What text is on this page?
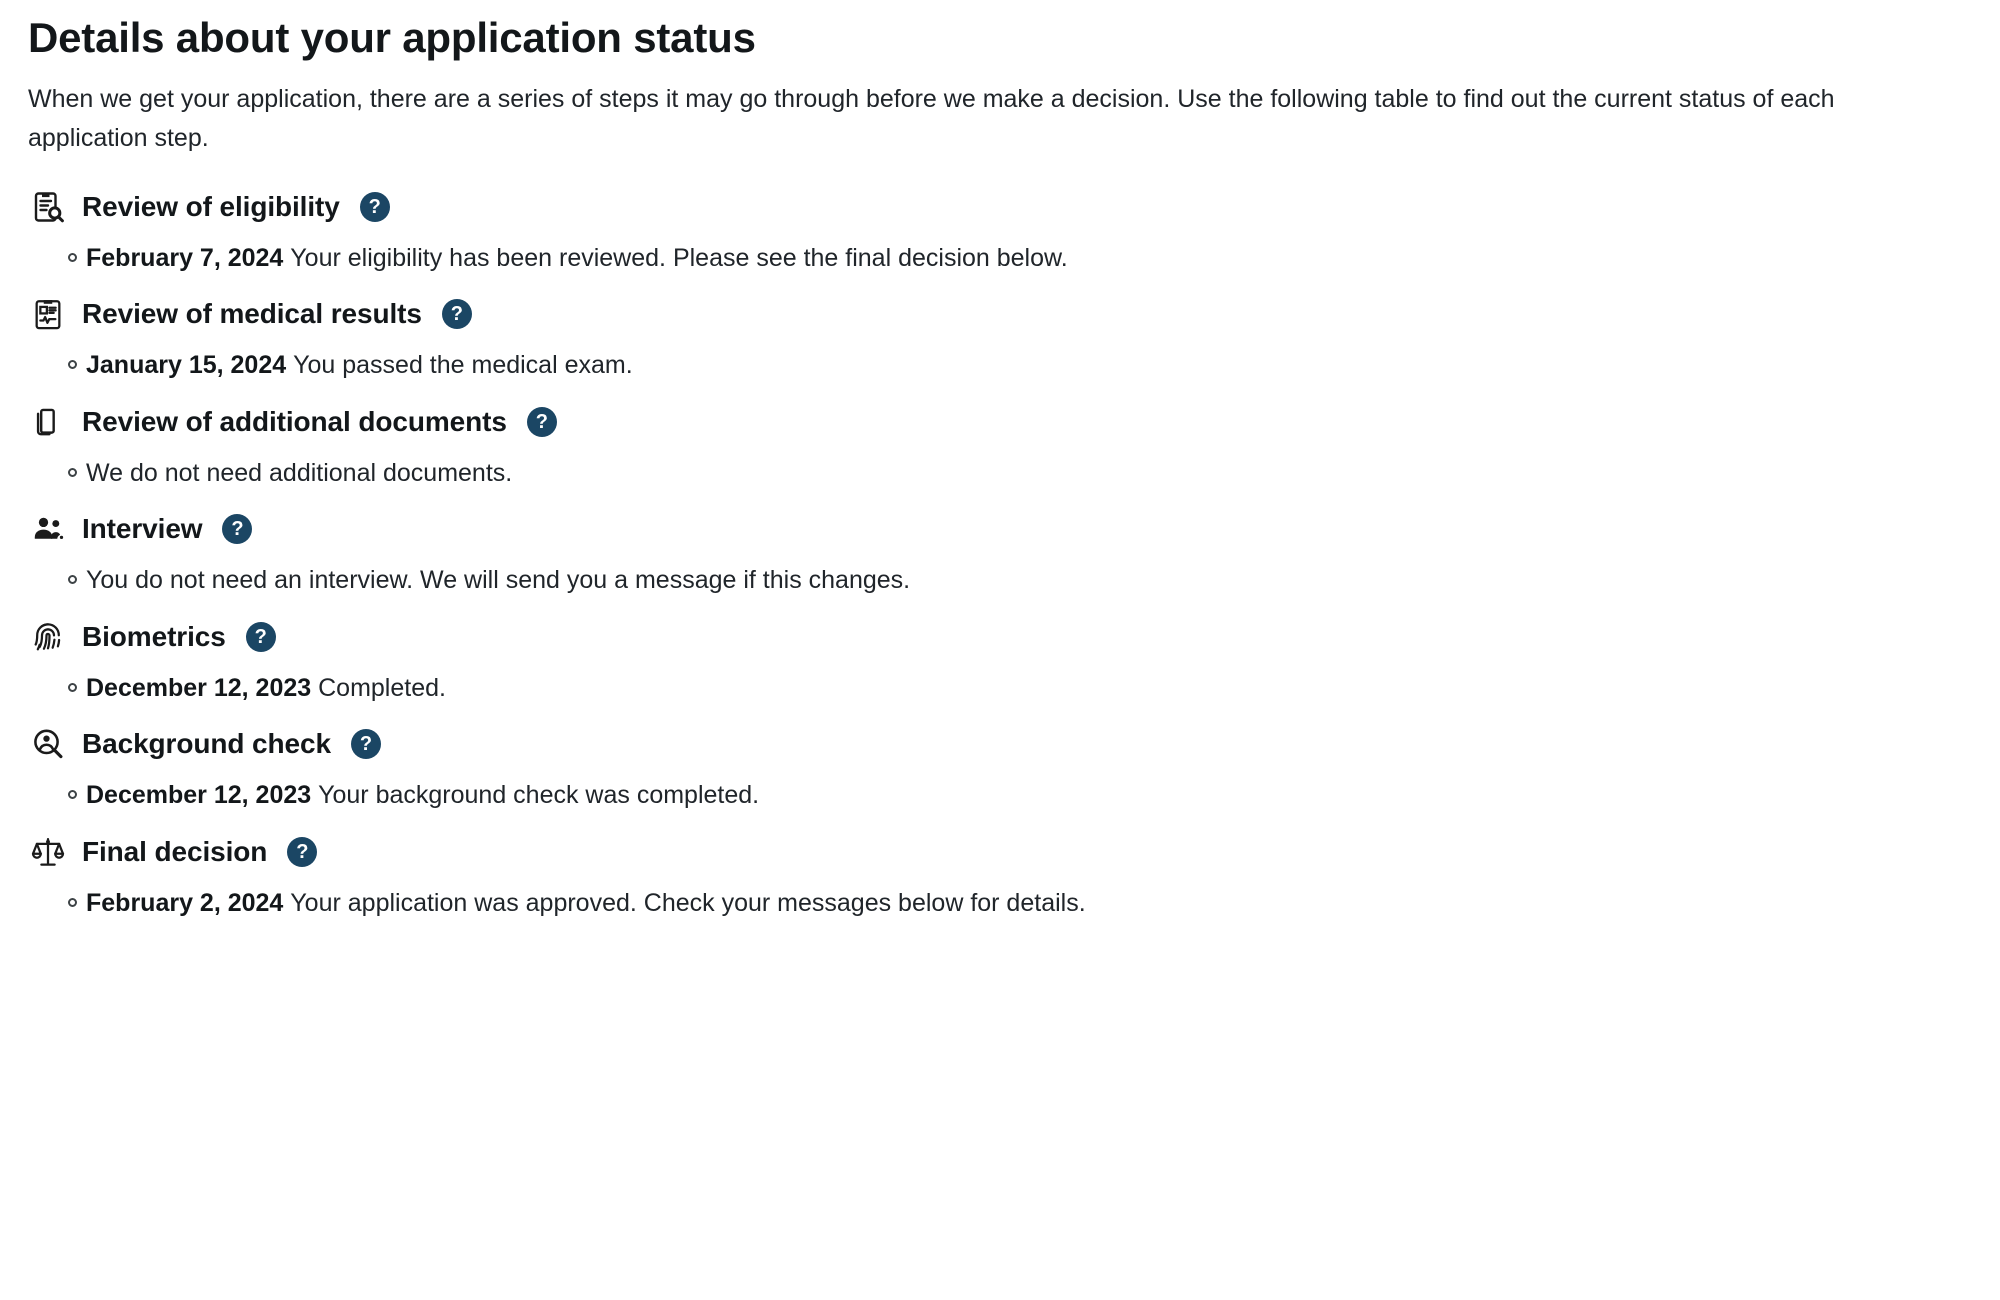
Details about your application status

When we get your application, there are a series of steps it may go through before we make a decision. Use the following table to find out the current status of each application step.

Review of eligibility	?
February 7, 2024 Your eligibility has been reviewed. Please see the final decision below.
Review of medical results	?
January 15, 2024 You passed the medical exam.
Review of additional documents	?
We do not need additional documents.
Interview	?
You do not need an interview. We will send you a message if this changes.
Biometrics	?
December 12, 2023 Completed.
Background check	?
December 12, 2023 Your background check was completed.
Final decision	?
February 2, 2024 Your application was approved. Check your messages below for details.
